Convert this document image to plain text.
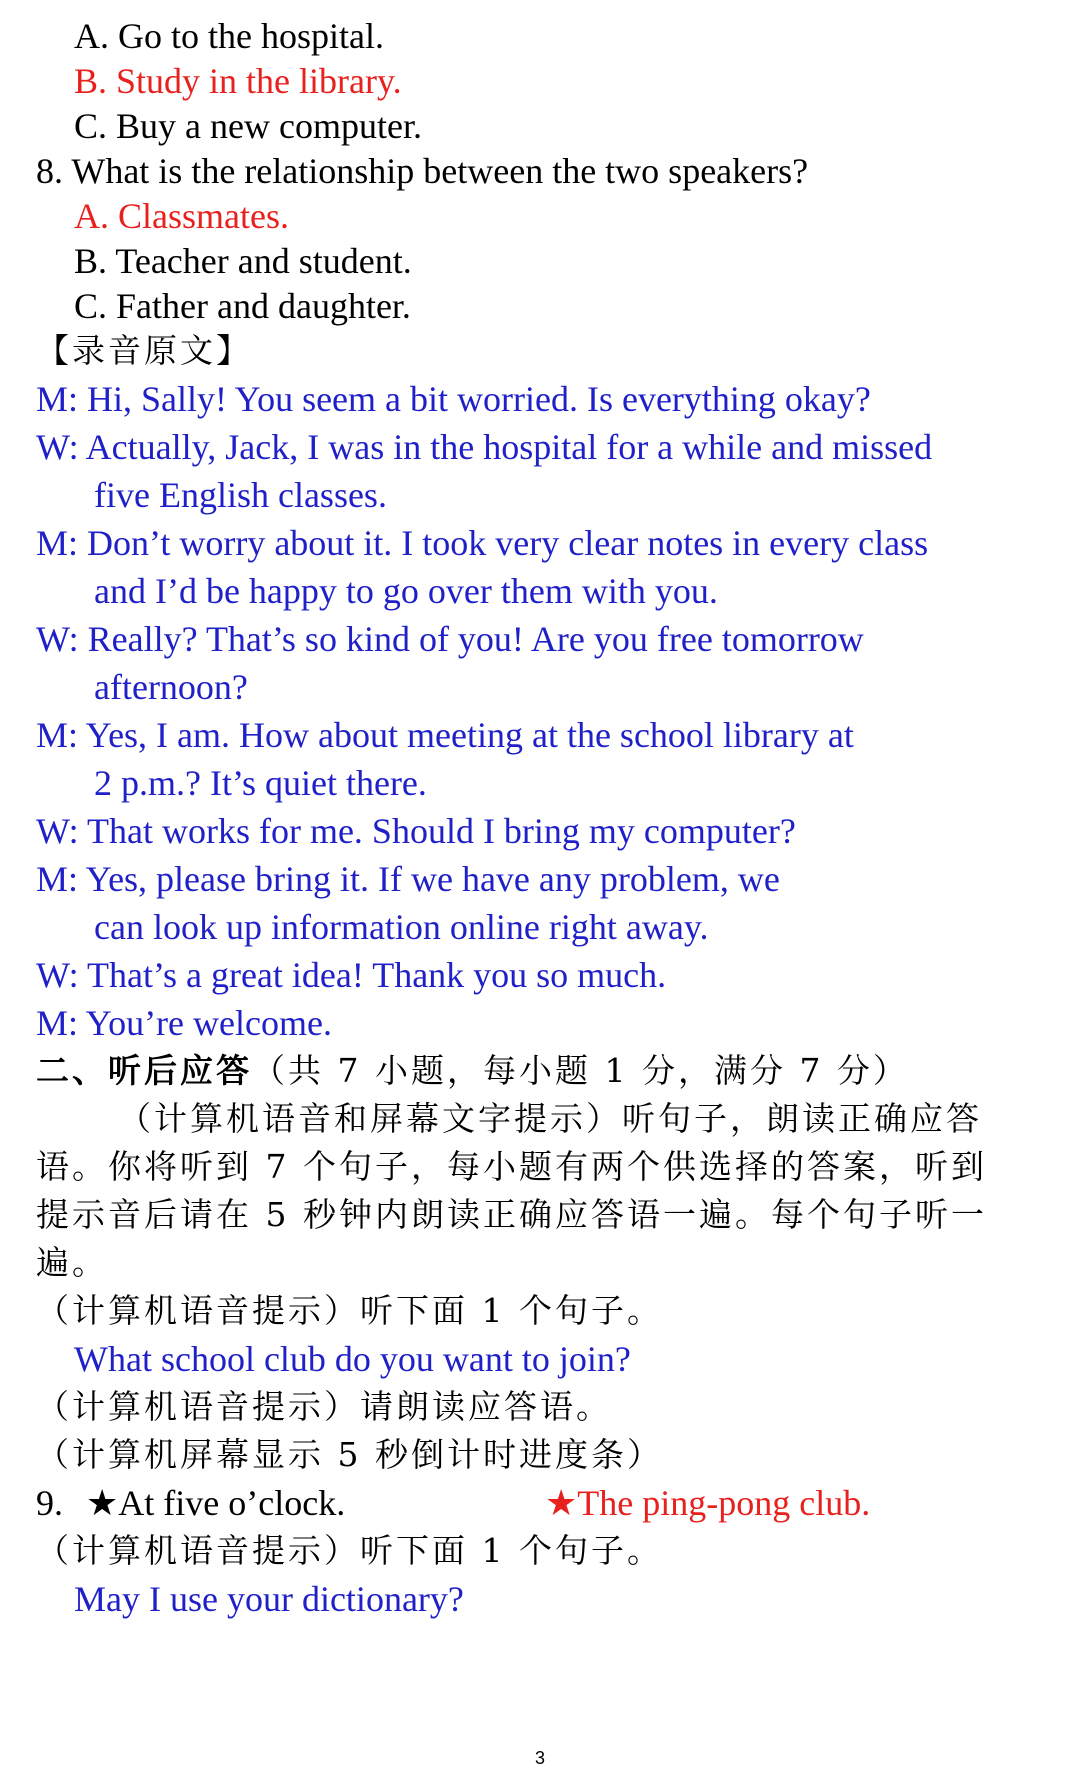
A. Go to the hospital.
B. Study in the library.
C. Buy a new computer.
8. What is the relationship between the two speakers?
A. Classmates.
B. Teacher and student.
C. Father and daughter.
【录音原文】
M: Hi, Sally! You seem a bit worried. Is everything okay?
W: Actually, Jack, I was in the hospital for a while and missed
five English classes.
M: Don’t worry about it. I took very clear notes in every class
and I’d be happy to go over them with you.
W: Really? That’s so kind of you! Are you free tomorrow
afternoon?
M: Yes, I am. How about meeting at the school library at
2 p.m.? It’s quiet there.
W: That works for me. Should I bring my computer?
M: Yes, please bring it. If we have any problem, we
can look up information online right away.
W: That’s a great idea! Thank you so much.
M: You’re welcome.
二、听后应答（共 7 小题，每小题 1 分，满分 7 分）
（计算机语音和屏幕文字提示）听句子，朗读正确应答
语。你将听到 7 个句子，每小题有两个供选择的答案，听到
提示音后请在 5 秒钟内朗读正确应答语一遍。每个句子听一
遍。
（计算机语音提示）听下面 1 个句子。
What school club do you want to join?
（计算机语音提示）请朗读应答语。
（计算机屏幕显示 5 秒倒计时进度条）
9. ★At five o’clock.	★The ping-pong club.
（计算机语音提示）听下面 1 个句子。
May I use your dictionary?
3
